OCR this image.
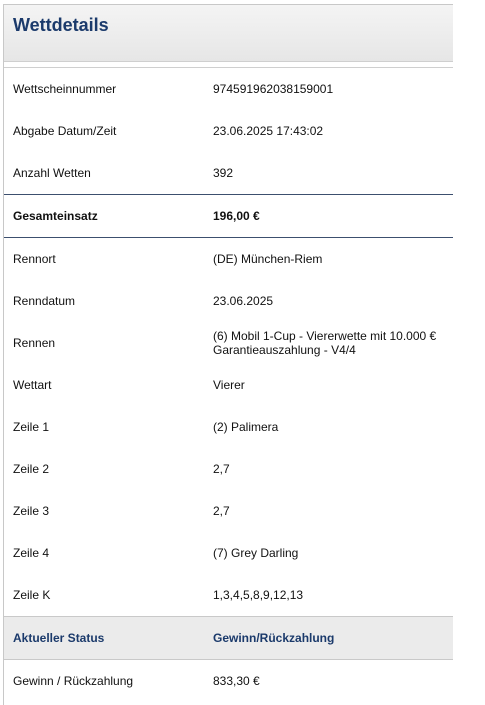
Wettdetails
Wettscheinnummer	974591962038159001
Abgabe Datum/Zeit	23.06.2025 17:43:02
Anzahl Wetten	392
Gesamteinsatz	196,00 €
Rennort	(DE) München-Riem
Renndatum	23.06.2025
Rennen	(6) Mobil 1-Cup - Viererwette mit 10.000 € Garantieauszahlung - V4/4
Wettart	Vierer
Zeile 1	(2) Palimera
Zeile 2	2,7
Zeile 3	2,7
Zeile 4	(7) Grey Darling
Zeile K	1,3,4,5,8,9,12,13
Aktueller Status	Gewinn/Rückzahlung
Gewinn / Rückzahlung	833,30 €
